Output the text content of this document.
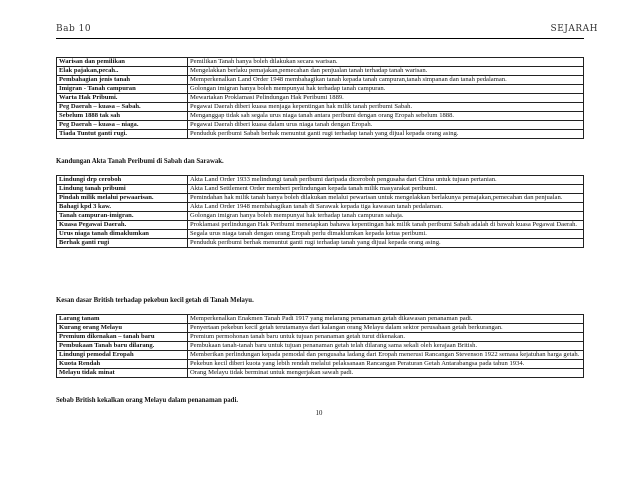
Bab 10	SEJARAH
Warisan dan pemilikan	Pemilikan Tanah hanya boleh dilakukan secara warisan.
Elak pajakan,pecah..	Mengelakkan berlaku pemajakan,pemecahan dan penjualan tanah terhadap tanah warisan.
Pembahagian jenis tanah	Memperkenalkan Land Order 1948 membahagikan tanah kepada tanah campuran,tanah simpanan dan tanah pedalaman.
Imigran - Tanah campuran	Golongan imigran hanya boleh mempunyai hak terhadap tanah campuran.
Warta Hak Pribumi.	Mewartakan Proklamasi Pelindungan Hak Peribumi 1889.
Peg Daerah – kuasa – Sabah.	Pegawai Daerah diberi kuasa menjaga kepentingan hak milik tanah peribumi Sabah.
Sebelum 1888 tak sah	Menganggap tidak sah segala urus niaga tanah antara peribumi dengan orang Eropah sebelum 1888.
Peg Daerah – kuasa – niaga.	Pegawai Daerah diberi kuasa dalam urus niaga tanah dengan Eropah.
Tiada Tuntut ganti rugi.	Penduduk peribumi Sabah berhak menuntut ganti rugi terhadap tanah yang dijual kepada orang asing.
Kandungan Akta Tanah Peribumi di Sabah dan Sarawak.
Lindungi drp ceroboh	Akta Land Order 1933 melindungi tanah peribumi daripada diceroboh pengusaha dari China untuk tujuan pertanian.
Lindung tanah pribumi	Akta Land Settlement Order memberi perlindungan kepada tanah milik masyarakat peribumi.
Pindah milik melalui pewaarisan.	Pemindahan hak milik tanah hanya boleh dilakukan melalui pewarisan untuk mengelakkan berlakunya pemajakan,pemecahan dan penjualan.
Bahagi kpd 3 kaw.	Akta Land Order 1948 membahagikan tanah di Sarawak kepada tiga kawasan tanah pedalaman.
Tanah campuran-imigran.	Golongan imigran hanya boleh mempunyai hak terhadap tanah campuran sahaja.
Kuasa Pegawai Daerah.	Proklamasi perlindungan Hak Peribumi menetapkan bahawa kepentingan hak milik tanah peribumi Sabah adalah di bawah kuasa Pegawai Daerah.
Urus niaga tanah dimaklumkan	Segala urus niaga tanah dengan orang Eropah perlu dimaklumkan kepada ketua peribumi.
Berhak ganti rugi	Penduduk peribumi berhak menuntut ganti rugi terhadap tanah yang dijual kepada orang asing.
Kesan dasar British terhadap pekebun kecil getah di Tanah Melayu.
Larang tanam	Memperkenalkan Enakmen Tanah Padi 1917 yang melarang penanaman getah dikawasan penanaman padi.
Kurang orang Melayu	Penyertaan pekebun kecil getah terutamanya dari kalangan orang Melayu dalam sektor perusahaan getah berkurangan.
Premium dikenakan – tanah baru	Premium permohonan tanah baru untuk tujuan penanaman getah turut dikenakan.
Pembukaan Tanah baru dilarang.	Pembukaan tanah-tanah baru untuk tujuan penanaman getah telah dilarang sama sekali oleh kerajaan British.
Lindungi pemodal Eropah	Memberikan perlindungan kepada pemodal dan pengusaha ladang dari Eropah menerusi Rancangan Stevenson 1922 semasa kejatuhan harga getah.
Kuota Rendah	Pekebun kecil diberi kuota yang lebih rendah melalui pelaksanaan Rancangan Peraturan Getah Antarabangsa pada tahun 1934.
Melayu tidak minat	Orang Melayu tidak berminat untuk mengerjakan sawah padi.
Sebab British kekalkan orang Melayu dalam penanaman padi.
10
